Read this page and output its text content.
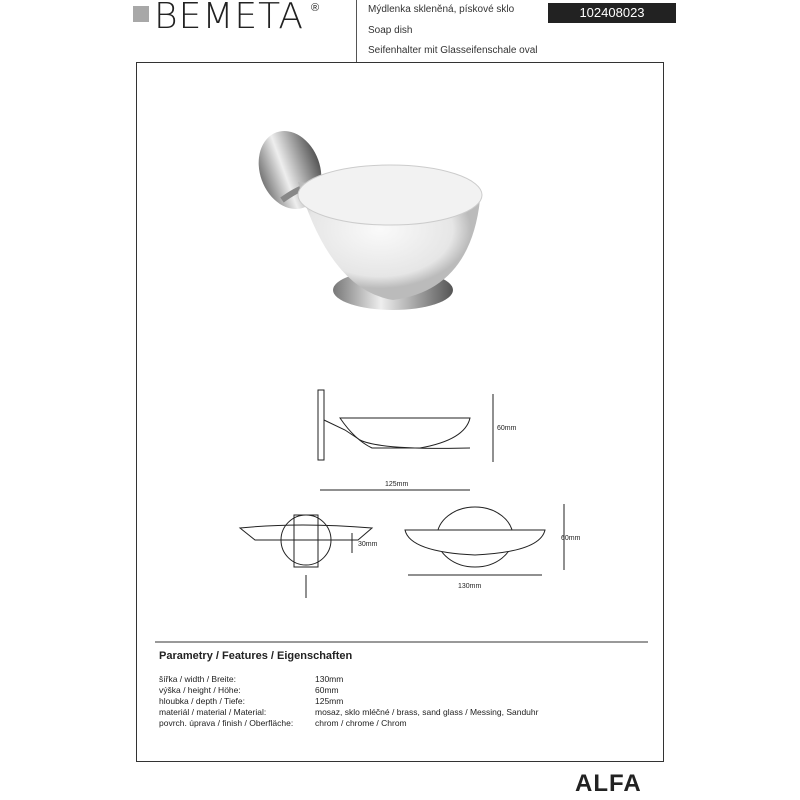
BEMETA ®	Mýdlenka skleněná, pískové sklo
Soap dish
Seifenhalter mit Glasseifenschale oval
102408023
60mm
125mm
30mm
60mm
130mm
Parametry / Features / Eigenschaften
šířka / width / Breite:	130mm
výška / height / Höhe:	60mm
hloubka / depth / Tiefe:	125mm
materiál / material / Material:	mosaz, sklo mléčné / brass, sand glass / Messing, Sanduhr
povrch. úprava / finish / Oberfläche:	chrom / chrome / Chrom
ALFA
